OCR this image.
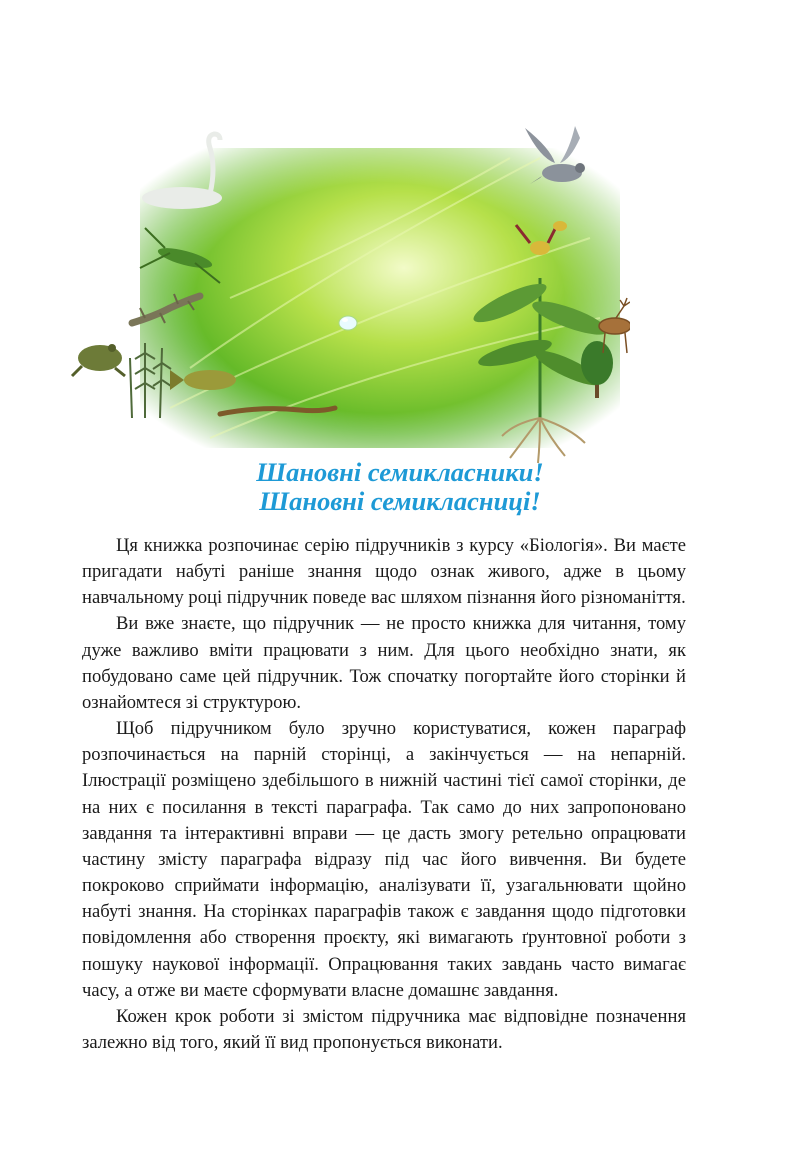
Шановні семикласники!
Шановні семикласниці!

Ця книжка розпочинає серію підручників з курсу «Біологія». Ви маєте пригадати набуті раніше знання щодо ознак живого, адже в цьому навчальному році підручник поведе вас шляхом пізнання його різноманіття.

Ви вже знаєте, що підручник — не просто книжка для читання, тому дуже важливо вміти працювати з ним. Для цього необхідно знати, як побудовано саме цей підручник. Тож спочатку погортайте його сторінки й ознайомтеся зі структурою.

Щоб підручником було зручно користуватися, кожен параграф розпочинається на парній сторінці, а закінчується — на непарній. Ілюстрації розміщено здебільшого в нижній частині тієї самої сторінки, де на них є посилання в тексті параграфа. Так само до них запропоновано завдання та інтерактивні вправи — це дасть змогу ретельно опрацювати частину змісту параграфа відразу під час його вивчення. Ви будете покроково сприймати інформацію, аналізувати її, узагальнювати щойно набуті знання. На сторінках параграфів також є завдання щодо підготовки повідомлення або створення проєкту, які вимагають ґрунтовної роботи з пошуку наукової інформації. Опрацювання таких завдань часто вимагає часу, а отже ви маєте сформувати власне домашнє завдання.

Кожен крок роботи зі змістом підручника має відповідне позначення залежно від того, який її вид пропонується виконати.
